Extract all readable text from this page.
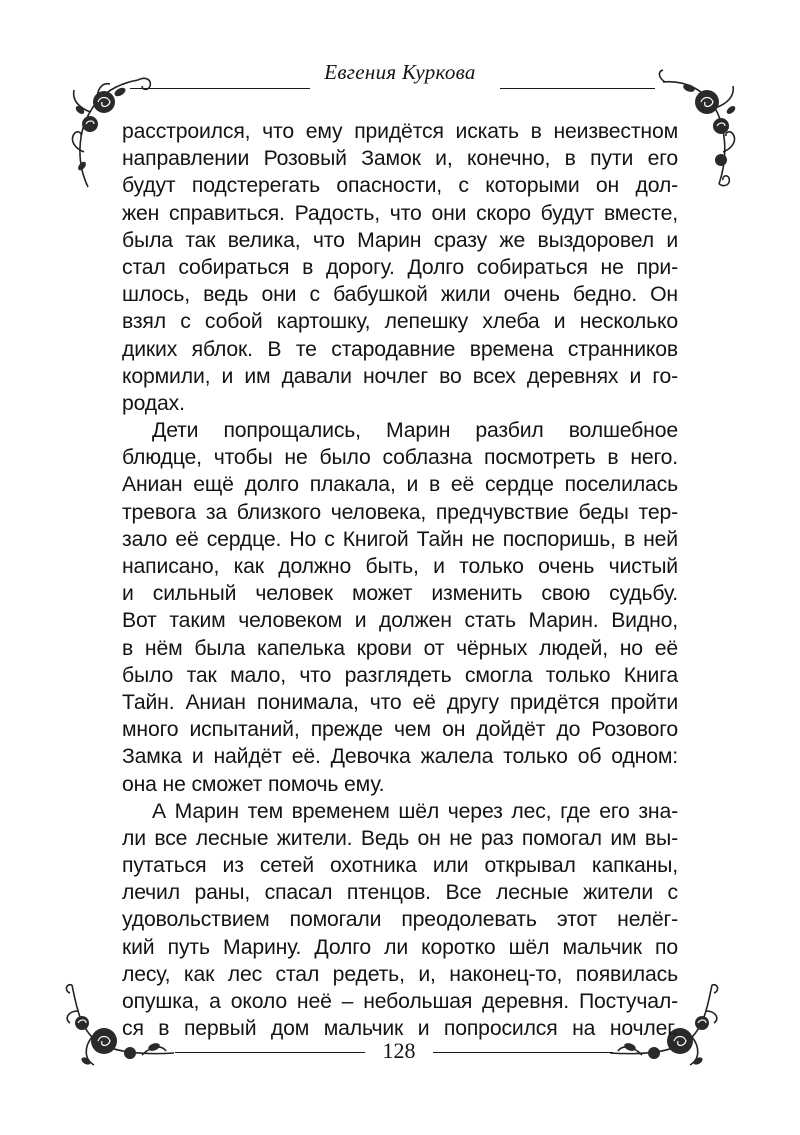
Евгения Куркова
расстроился, что ему придётся искать в неизвестном
направлении Розовый Замок и, конечно, в пути его
будут подстерегать опасности, с которыми он дол-
жен справиться. Радость, что они скоро будут вместе,
была так велика, что Марин сразу же выздоровел и
стал собираться в дорогу. Долго собираться не при-
шлось, ведь они с бабушкой жили очень бедно. Он
взял с собой картошку, лепешку хлеба и несколько
диких яблок. В те стародавние времена странников
кормили, и им давали ночлег во всех деревнях и го-
родах.
Дети попрощались, Марин разбил волшебное
блюдце, чтобы не было соблазна посмотреть в него.
Аниан ещё долго плакала, и в её сердце поселилась
тревога за близкого человека, предчувствие беды тер-
зало её сердце. Но с Книгой Тайн не поспоришь, в ней
написано, как должно быть, и только очень чистый
и сильный человек может изменить свою судьбу.
Вот таким человеком и должен стать Марин. Видно,
в нём была капелька крови от чёрных людей, но её
было так мало, что разглядеть смогла только Книга
Тайн. Аниан понимала, что её другу придётся пройти
много испытаний, прежде чем он дойдёт до Розового
Замка и найдёт её. Девочка жалела только об одном:
она не сможет помочь ему.
А Марин тем временем шёл через лес, где его зна-
ли все лесные жители. Ведь он не раз помогал им вы-
путаться из сетей охотника или открывал капканы,
лечил раны, спасал птенцов. Все лесные жители с
удовольствием помогали преодолевать этот нелёг-
кий путь Марину. Долго ли коротко шёл мальчик по
лесу, как лес стал редеть, и, наконец-то, появилась
опушка, а около неё – небольшая деревня. Постучал-
ся в первый дом мальчик и попросился на ночлег.
128
